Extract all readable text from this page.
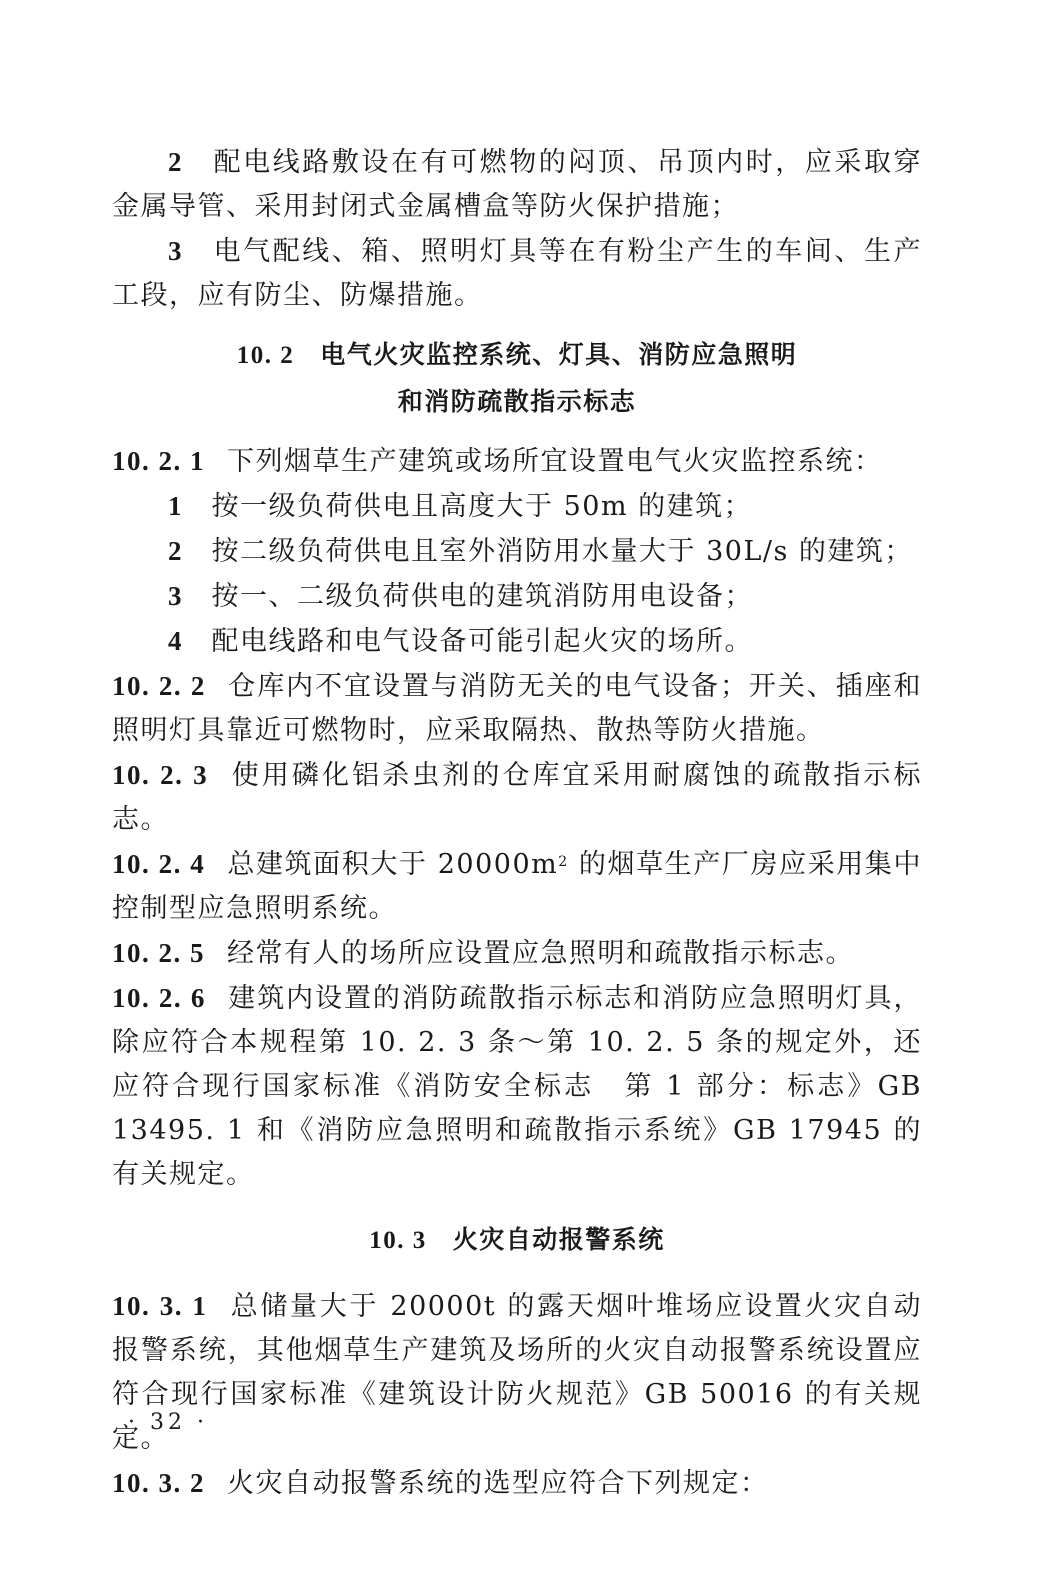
2　 配电线路敷设在有可燃物的闷顶、吊顶内时，应采取穿金属导管、采用封闭式金属槽盒等防火保护措施；

3　 电气配线、箱、照明灯具等在有粉尘产生的车间、生产工段，应有防尘、防爆措施。

10. 2 电气火灾监控系统、灯具、消防应急照明

和消防疏散指示标志

10. 2. 1 下列烟草生产建筑或场所宜设置电气火灾监控系统：

1　 按一级负荷供电且高度大于 50m 的建筑；

2　 按二级负荷供电且室外消防用水量大于 30L/s 的建筑；

3　 按一、二级负荷供电的建筑消防用电设备；

4　 配电线路和电气设备可能引起火灾的场所。

10. 2. 2 仓库内不宜设置与消防无关的电气设备；开关、插座和照明灯具靠近可燃物时，应采取隔热、散热等防火措施。

10. 2. 3 使用磷化铝杀虫剂的仓库宜采用耐腐蚀的疏散指示标志。

10. 2. 4 总建筑面积大于 $20000m^2$ 的烟草生产厂房应采用集中控制型应急照明系统。

10. 2. 5 经常有人的场所应设置应急照明和疏散指示标志。

10. 2. 6 建筑内设置的消防疏散指示标志和消防应急照明灯具，除应符合本规程第 10. 2. 3 条～第 10. 2. 5 条的规定外，还应符合现行国家标准《消防安全标志　第 1 部分：标志》GB 13495. 1 和《消防应急照明和疏散指示系统》GB 17945 的有关规定。

10. 3 火灾自动报警系统

10. 3. 1 总储量大于 20000t 的露天烟叶堆场应设置火灾自动报警系统，其他烟草生产建筑及场所的火灾自动报警系统设置应符合现行国家标准《建筑设计防火规范》GB 50016 的有关规定。

10. 3. 2 火灾自动报警系统的选型应符合下列规定：

· 32 ·
